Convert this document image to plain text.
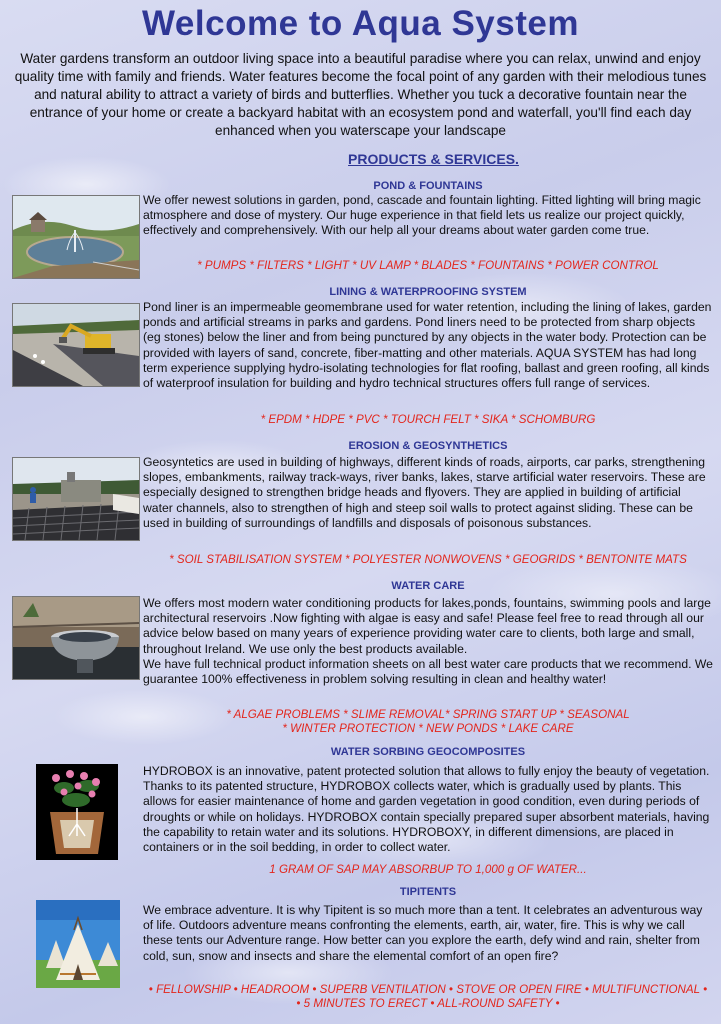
Welcome to Aqua System
Water gardens transform an outdoor living space into a beautiful paradise where you can relax, unwind and enjoy quality time with family and friends. Water features become the focal point of any garden with their melodious tunes and natural ability to attract a variety of birds and butterflies. Whether you tuck a decorative fountain near the entrance of your home or create a backyard habitat with an ecosystem pond and waterfall, you'll find each day enhanced when you waterscape your landscape
PRODUCTS & SERVICES.
POND & FOUNTAINS
We offer newest solutions in garden, pond, cascade and fountain lighting. Fitted lighting will bring magic atmosphere and dose of mystery. Our huge experience in that field lets us realize our project quickly, effectively and comprehensively. With our help all your dreams about water garden come true.
* PUMPS * FILTERS * LIGHT * UV LAMP * BLADES * FOUNTAINS * POWER CONTROL
LINING & WATERPROOFING SYSTEM
Pond liner is an impermeable geomembrane used for water retention, including the lining of lakes, garden ponds and artificial streams in parks and gardens. Pond liners need to be protected from sharp objects (eg stones) below the liner and from being punctured by any objects in the water body. Protection can be provided with layers of sand, concrete, fiber-matting and other materials. AQUA SYSTEM has had long term experience supplying hydro-isolating technologies for flat roofing, ballast and green roofing, all kinds of waterproof insulation for building and hydro technical structures offers full range of services.
* EPDM * HDPE * PVC * TOURCH FELT * SIKA * SCHOMBURG
EROSION & GEOSYNTHETICS
Geosyntetics are used in building of highways, different kinds of roads, airports, car parks, strengthening slopes, embankments, railway track-ways, river banks, lakes, starve artificial water reservoirs. These are especially designed to strengthen bridge heads and flyovers. They are applied in building of artificial water channels, also to strengthen of high and steep soil walls to protect against sliding. These can be used in building of surroundings of landfills and disposals of poisonous substances.
* SOIL STABILISATION SYSTEM * POLYESTER NONWOVENS * GEOGRIDS * BENTONITE MATS
WATER CARE
We offers most modern water conditioning products for lakes,ponds, fountains, swimming pools and large architectural reservoirs .Now fighting with algae is easy and safe! Please feel free to read through all our advice below based on many years of experience providing water care to clients, both large and small, throughout Ireland. We use only the best products available.
We have full technical product information sheets on all best water care products that we recommend. We guarantee 100% effectiveness in problem solving resulting in clean and healthy water!
* ALGAE PROBLEMS * SLIME REMOVAL* SPRING START UP * SEASONAL
* WINTER PROTECTION * NEW PONDS * LAKE CARE
WATER SORBING GEOCOMPOSITES
HYDROBOX is an innovative, patent protected solution that allows to fully enjoy the beauty of vegetation. Thanks to its patented structure, HYDROBOX collects water, which is gradually used by plants. This allows for easier maintenance of home and garden vegetation in good condition, even during periods of droughts or while on holidays. HYDROBOX contain specially prepared super absorbent materials, having the capability to retain water and its solutions. HYDROBOXY, in different dimensions, are placed in containers or in the soil bedding, in order to collect water.
1 GRAM OF SAP MAY ABSORBUP TO 1,000 g OF WATER...
TIPITENTS
We embrace adventure. It is why Tipitent is so much more than a tent. It celebrates an adventurous way of life. Outdoors adventure means confronting the elements, earth, air, water, fire. This is why we call these tents our Adventure range. How better can you explore the earth, defy wind and rain, shelter from cold, sun, snow and insects and share the elemental comfort of an open fire?
• FELLOWSHIP • HEADROOM • SUPERB VENTILATION • STOVE OR OPEN FIRE • MULTIFUNCTIONAL •
• 5 MINUTES TO ERECT • ALL-ROUND SAFETY •
